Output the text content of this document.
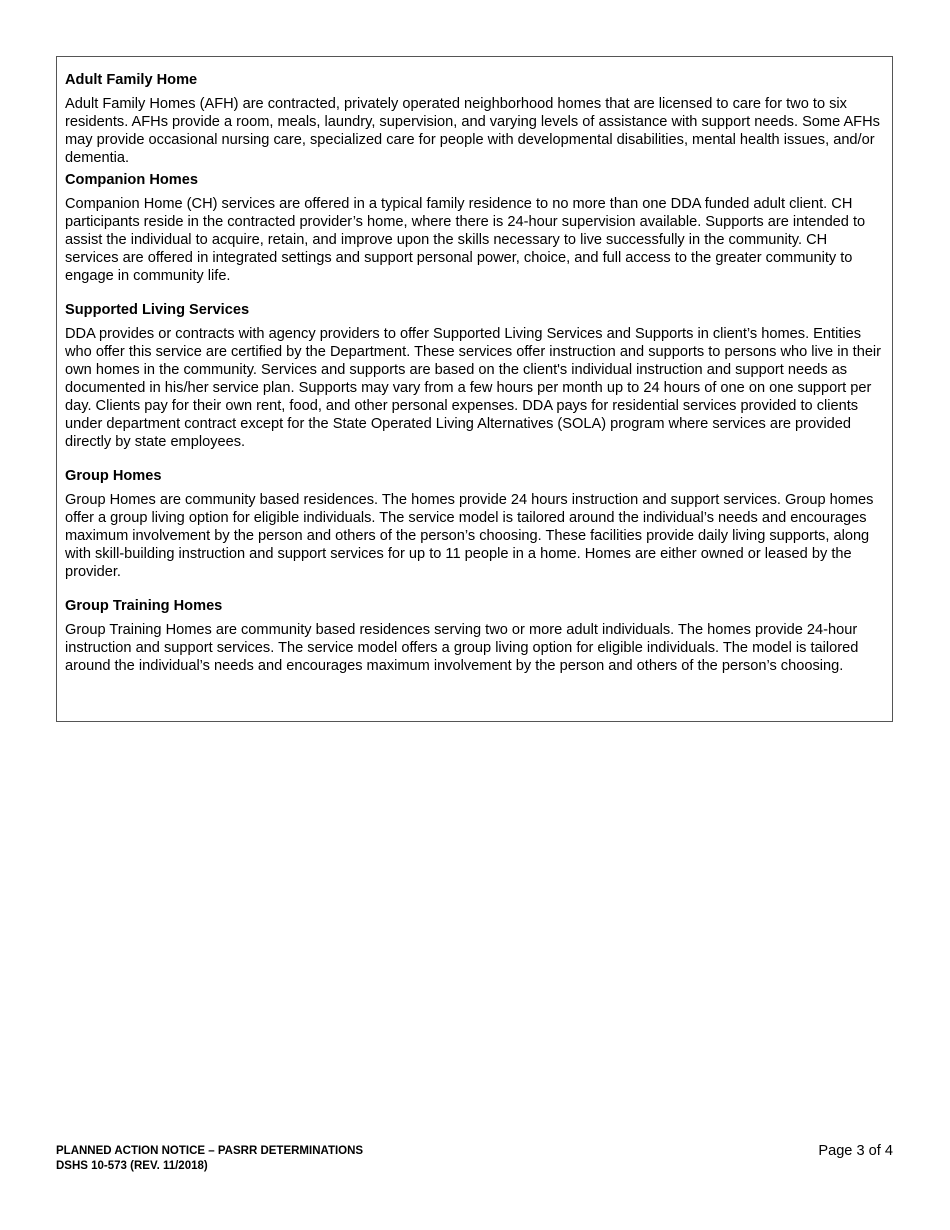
Adult Family Home

Adult Family Homes (AFH) are contracted, privately operated neighborhood homes that are licensed to care for two to six residents. AFHs provide a room, meals, laundry, supervision, and varying levels of assistance with support needs. Some AFHs may provide occasional nursing care, specialized care for people with developmental disabilities, mental health issues, and/or dementia.

Companion Homes

Companion Home (CH) services are offered in a typical family residence to no more than one DDA funded adult client. CH participants reside in the contracted provider’s home, where there is 24-hour supervision available. Supports are intended to assist the individual to acquire, retain, and improve upon the skills necessary to live successfully in the community. CH services are offered in integrated settings and support personal power, choice, and full access to the greater community to engage in community life.

Supported Living Services

DDA provides or contracts with agency providers to offer Supported Living Services and Supports in client’s homes. Entities who offer this service are certified by the Department. These services offer instruction and supports to persons who live in their own homes in the community. Services and supports are based on the client's individual instruction and support needs as documented in his/her service plan. Supports may vary from a few hours per month up to 24 hours of one on one support per day. Clients pay for their own rent, food, and other personal expenses. DDA pays for residential services provided to clients under department contract except for the State Operated Living Alternatives (SOLA) program where services are provided directly by state employees.

Group Homes

Group Homes are community based residences. The homes provide 24 hours instruction and support services. Group homes offer a group living option for eligible individuals. The service model is tailored around the individual’s needs and encourages maximum involvement by the person and others of the person’s choosing. These facilities provide daily living supports, along with skill-building instruction and support services for up to 11 people in a home. Homes are either owned or leased by the provider.

Group Training Homes

Group Training Homes are community based residences serving two or more adult individuals. The homes provide 24-hour instruction and support services. The service model offers a group living option for eligible individuals. The model is tailored around the individual’s needs and encourages maximum involvement by the person and others of the person’s choosing.

PLANNED ACTION NOTICE – PASRR DETERMINATIONS
DSHS 10-573 (REV. 11/2018)
Page 3 of 4
